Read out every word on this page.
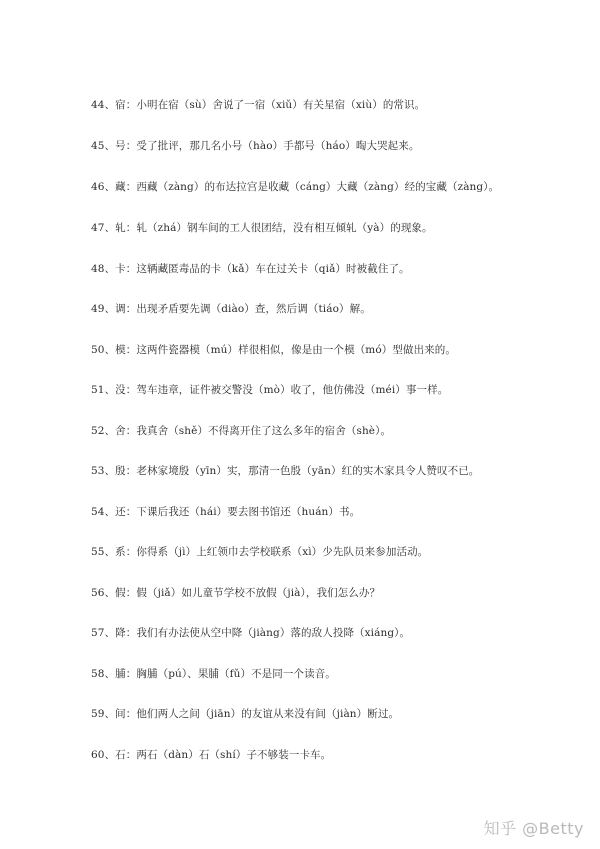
44、宿：小明在宿（sù）舍说了一宿（xiǔ）有关星宿（xiù）的常识。
45、号：受了批评，那几名小号（hào）手都号（háo）啕大哭起来。
46、藏：西藏（zàng）的布达拉宫是收藏（cáng）大藏（zàng）经的宝藏（zàng）。
47、轧：轧（zhá）钢车间的工人很团结，没有相互倾轧（yà）的现象。
48、卡：这辆藏匿毒品的卡（kǎ）车在过关卡（qiǎ）时被截住了。
49、调：出现矛盾要先调（diào）查，然后调（tiáo）解。
50、模：这两件瓷器模（mú）样很相似，像是由一个模（mó）型做出来的。
51、没：驾车违章，证件被交警没（mò）收了，他仿佛没（méi）事一样。
52、舍：我真舍（shě）不得离开住了这么多年的宿舍（shè）。
53、殷：老林家境殷（yīn）实，那清一色殷（yān）红的实木家具令人赞叹不已。
54、还：下课后我还（hái）要去图书馆还（huán）书。
55、系：你得系（jì）上红领巾去学校联系（xì）少先队员来参加活动。
56、假：假（jiǎ）如儿童节学校不放假（jià），我们怎么办？
57、降：我们有办法使从空中降（jiàng）落的敌人投降（xiáng）。
58、脯：胸脯（pú）、果脯（fǔ）不是同一个读音。
59、间：他们两人之间（jiān）的友谊从来没有间（jiàn）断过。
60、石：两石（dàn）石（shí）子不够装一卡车。
知乎 @Betty
